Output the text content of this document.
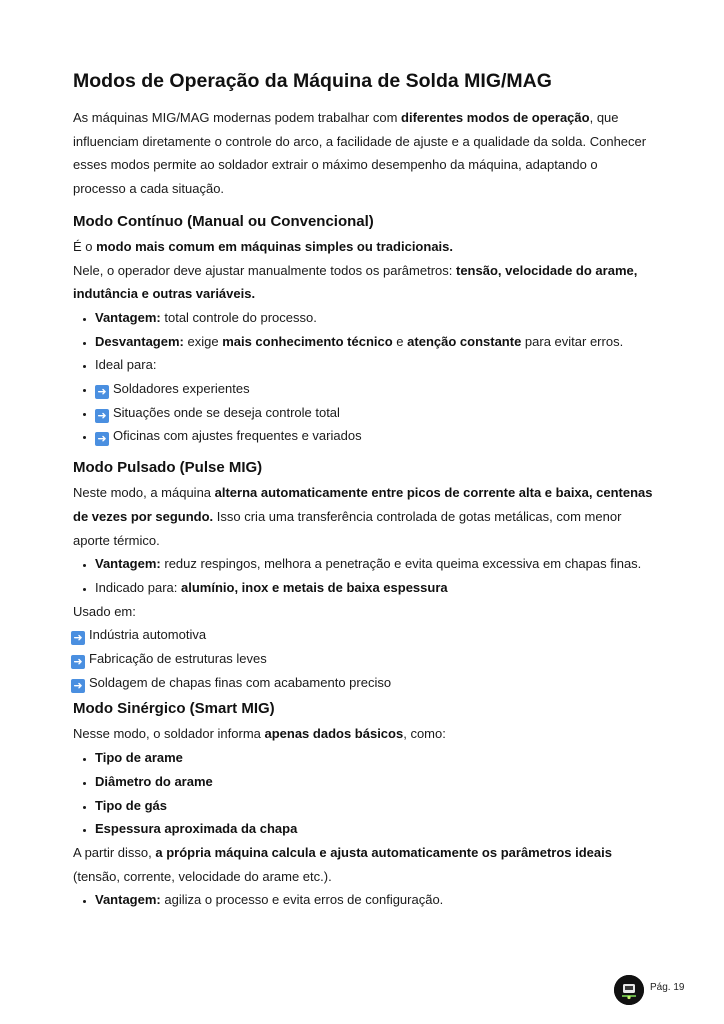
Modos de Operação da Máquina de Solda MIG/MAG

As máquinas MIG/MAG modernas podem trabalhar com diferentes modos de operação, que influenciam diretamente o controle do arco, a facilidade de ajuste e a qualidade da solda. Conhecer esses modos permite ao soldador extrair o máximo desempenho da máquina, adaptando o processo a cada situação.

Modo Contínuo (Manual ou Convencional)

É o modo mais comum em máquinas simples ou tradicionais.

Nele, o operador deve ajustar manualmente todos os parâmetros: tensão, velocidade do arame, indutância e outras variáveis.

Vantagem: total controle do processo.
Desvantagem: exige mais conhecimento técnico e atenção constante para evitar erros.
Ideal para:
➜ Soldadores experientes
➜ Situações onde se deseja controle total
➜ Oficinas com ajustes frequentes e variados
Modo Pulsado (Pulse MIG)

Neste modo, a máquina alterna automaticamente entre picos de corrente alta e baixa, centenas de vezes por segundo. Isso cria uma transferência controlada de gotas metálicas, com menor aporte térmico.

Vantagem: reduz respingos, melhora a penetração e evita queima excessiva em chapas finas.
Indicado para: alumínio, inox e metais de baixa espessura

Usado em:

➜ Indústria automotiva
➜ Fabricação de estruturas leves
➜ Soldagem de chapas finas com acabamento preciso
Modo Sinérgico (Smart MIG)

Nesse modo, o soldador informa apenas dados básicos, como:

Tipo de arame
Diâmetro do arame
Tipo de gás
Espessura aproximada da chapa

A partir disso, a própria máquina calcula e ajusta automaticamente os parâmetros ideais (tensão, corrente, velocidade do arame etc.).

Vantagem: agiliza o processo e evita erros de configuração.
Pág. 19
